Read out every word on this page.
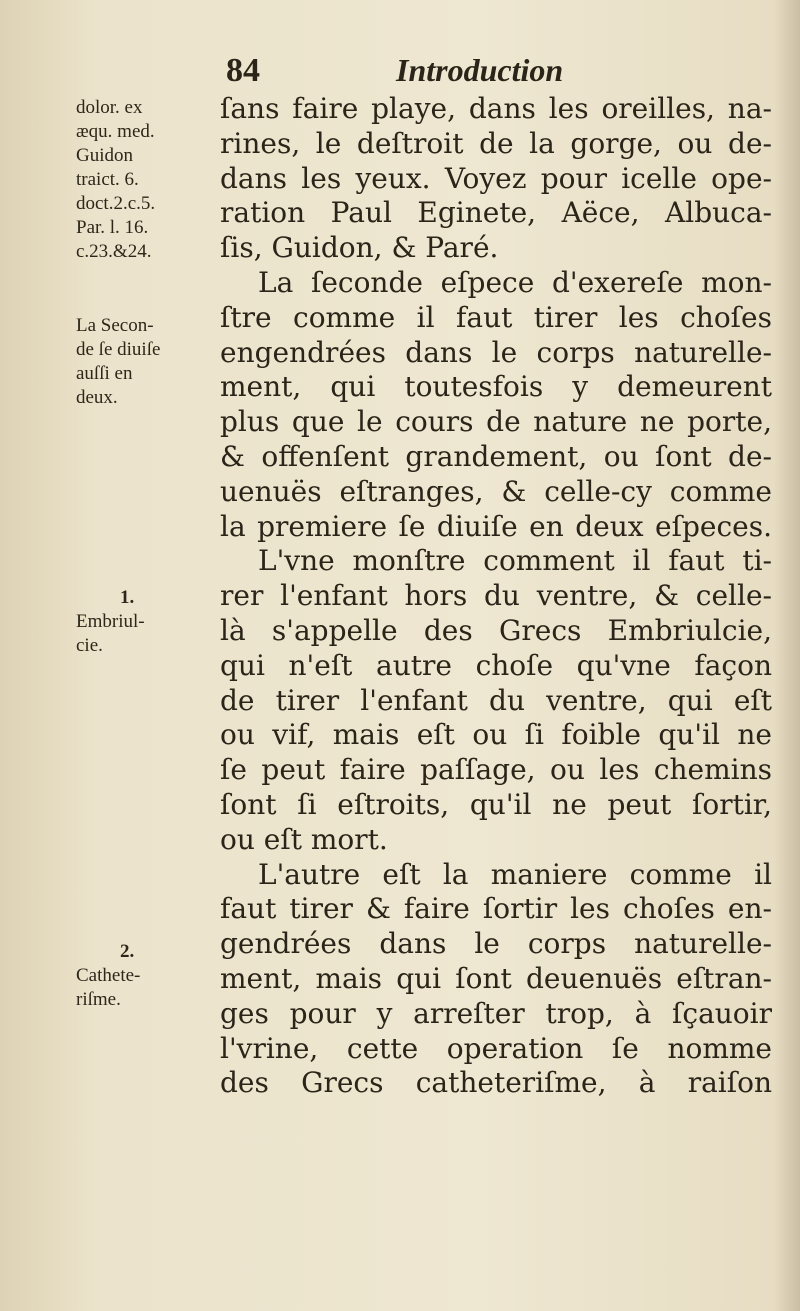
84	Introduction
ſans faire playe, dans les oreilles, na-
rines, le deſtroit de la gorge, ou de-
dans les yeux. Voyez pour icelle ope-
ration Paul Eginete, Aëce, Albuca-
ſis, Guidon, & Paré.
La ſeconde eſpece d'exereſe mon-
ſtre comme il faut tirer les choſes
engendrées dans le corps naturelle-
ment, qui toutesfois y demeurent
plus que le cours de nature ne porte,
& offenſent grandement, ou ſont de-
uenuës eſtranges, & celle-cy comme
la premiere ſe diuiſe en deux eſpeces.
L'vne monſtre comment il faut ti-
rer l'enfant hors du ventre, & celle-
là s'appelle des Grecs Embriulcie,
qui n'eſt autre choſe qu'vne façon
de tirer l'enfant du ventre, qui eſt
ou vif, mais eſt ou ſi foible qu'il ne
ſe peut faire paſſage, ou les chemins
ſont ſi eſtroits, qu'il ne peut ſortir,
ou eſt mort.
L'autre eſt la maniere comme il
faut tirer & faire ſortir les choſes en-
gendrées dans le corps naturelle-
ment, mais qui ſont deuenuës eſtran-
ges pour y arreſter trop, à ſçauoir
l'vrine, cette operation ſe nomme
des Grecs catheteriſme, à raiſon
dolor. ex
æqu. med.
Guidon
traict. 6.
doct.2.c.5.
Par. l. 16.
c.23.&24.
La Secon-
de ſe diuiſe
auſſi en
deux.
1.
Embriul-
cie.
2.
Cathete-
riſme.
